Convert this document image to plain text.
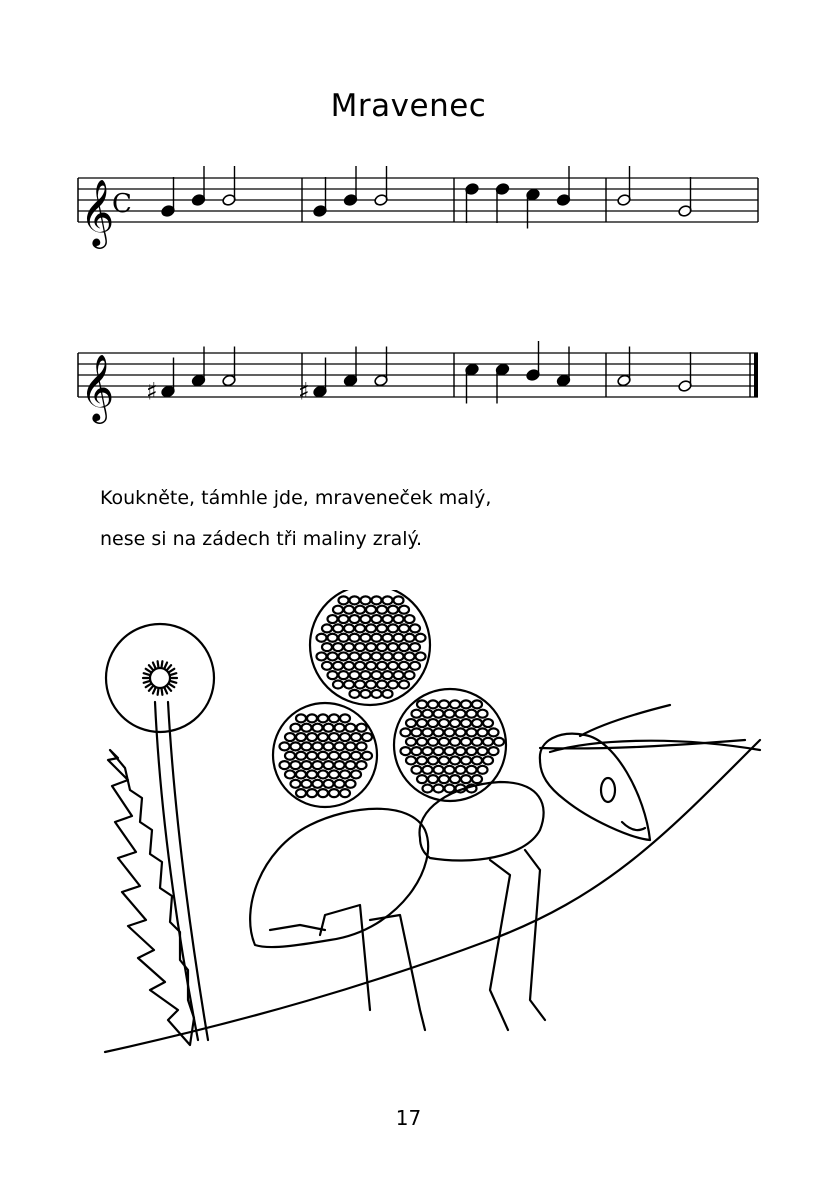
Mravenec
𝄞
C
𝄞 ♯	♯
Koukněte, támhle jde, mraveneček malý,
nese si na zádech tři maliny zralý.
17
